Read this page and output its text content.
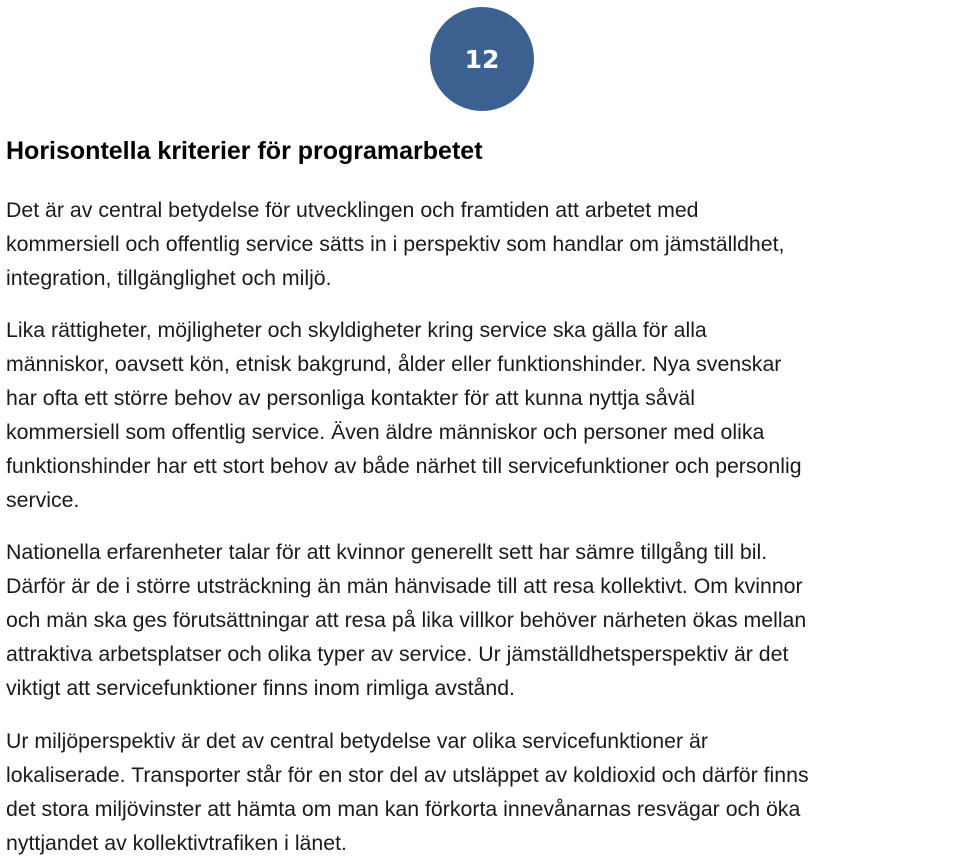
12
Horisontella kriterier för programarbetet

Det är av central betydelse för utvecklingen och framtiden att arbetet med
kommersiell och offentlig service sätts in i perspektiv som handlar om jämställdhet,
integration, tillgänglighet och miljö.

Lika rättigheter, möjligheter och skyldigheter kring service ska gälla för alla
människor, oavsett kön, etnisk bakgrund, ålder eller funktionshinder. Nya svenskar
har ofta ett större behov av personliga kontakter för att kunna nyttja såväl
kommersiell som offentlig service. Även äldre människor och personer med olika
funktionshinder har ett stort behov av både närhet till servicefunktioner och personlig
service.

Nationella erfarenheter talar för att kvinnor generellt sett har sämre tillgång till bil.
Därför är de i större utsträckning än män hänvisade till att resa kollektivt. Om kvinnor
och män ska ges förutsättningar att resa på lika villkor behöver närheten ökas mellan
attraktiva arbetsplatser och olika typer av service. Ur jämställdhetsperspektiv är det
viktigt att servicefunktioner finns inom rimliga avstånd.

Ur miljöperspektiv är det av central betydelse var olika servicefunktioner är
lokaliserade. Transporter står för en stor del av utsläppet av koldioxid och därför finns
det stora miljövinster att hämta om man kan förkorta innevånarnas resvägar och öka
nyttjandet av kollektivtrafiken i länet.
